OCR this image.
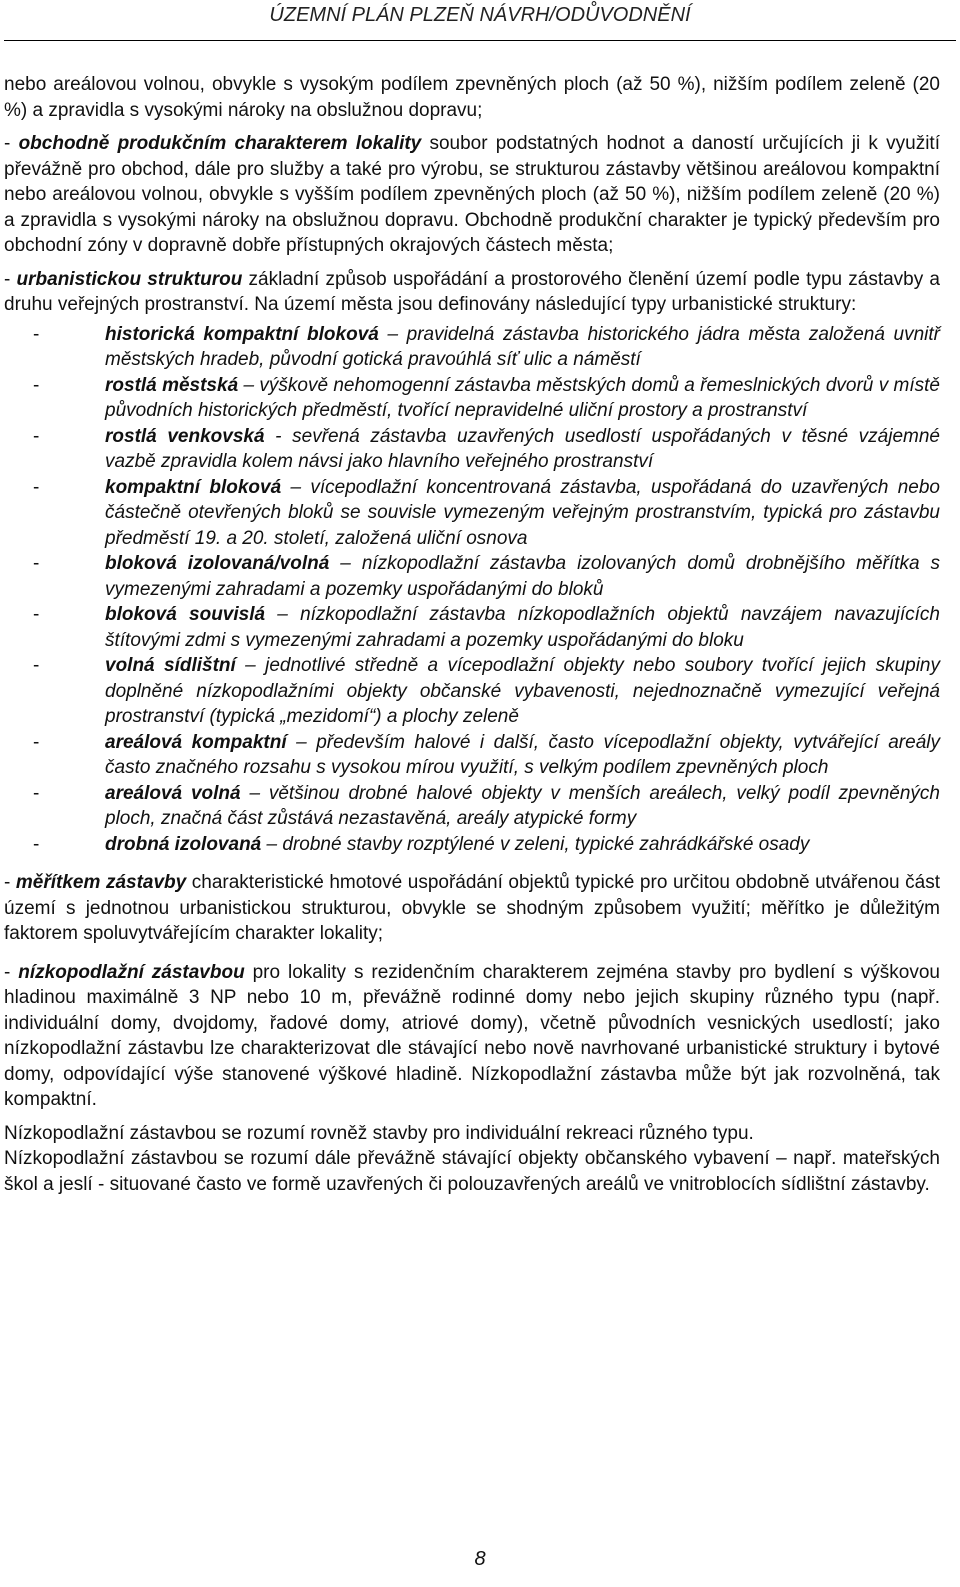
ÚZEMNÍ PLÁN PLZEŇ NÁVRH/ODŮVODNĚNÍ

nebo areálovou volnou, obvykle s vysokým podílem zpevněných ploch (až 50 %), nižším podílem zeleně (20 %) a zpravidla s vysokými nároky na obslužnou dopravu;

- obchodně produkčním charakterem lokality soubor podstatných hodnot a daností určujících ji k využití převážně pro obchod, dále pro služby a také pro výrobu, se strukturou zástavby většinou areálovou kompaktní nebo areálovou volnou, obvykle s vyšším podílem zpevněných ploch (až 50 %), nižším podílem zeleně (20 %) a zpravidla s vysokými nároky na obslužnou dopravu. Obchodně produkční charakter je typický především pro obchodní zóny v dopravně dobře přístupných okrajových částech města;

- urbanistickou strukturou základní způsob uspořádání a prostorového členění území podle typu zástavby a druhu veřejných prostranství. Na území města jsou definovány následující typy urbanistické struktury:

-	historická kompaktní bloková – pravidelná zástavba historického jádra města založená uvnitř městských hradeb, původní gotická pravoúhlá síť ulic a náměstí

-	rostlá městská – výškově nehomogenní zástavba městských domů a řemeslnických dvorů v místě původních historických předměstí, tvořící nepravidelné uliční prostory a prostranství

-	rostlá venkovská - sevřená zástavba uzavřených usedlostí uspořádaných v těsné vzájemné vazbě zpravidla kolem návsi jako hlavního veřejného prostranství

-	kompaktní bloková – vícepodlažní koncentrovaná zástavba, uspořádaná do uzavřených nebo částečně otevřených bloků se souvisle vymezeným veřejným prostranstvím, typická pro zástavbu předměstí 19. a 20. století, založená uliční osnova

-	bloková izolovaná/volná – nízkopodlažní zástavba izolovaných domů drobnějšího měřítka s vymezenými zahradami a pozemky uspořádanými do bloků

-	bloková souvislá – nízkopodlažní zástavba nízkopodlažních objektů navzájem navazujících štítovými zdmi s vymezenými zahradami a pozemky uspořádanými do bloku

-	volná sídlištní – jednotlivé středně a vícepodlažní objekty nebo soubory tvořící jejich skupiny doplněné nízkopodlažními objekty občanské vybavenosti, nejednoznačně vymezující veřejná prostranství (typická „mezidomí“) a plochy zeleně

-	areálová kompaktní – především halové i další, často vícepodlažní objekty, vytvářející areály často značného rozsahu s vysokou mírou využití, s velkým podílem zpevněných ploch

-	areálová volná – většinou drobné halové objekty v menších areálech, velký podíl zpevněných ploch, značná část zůstává nezastavěná, areály atypické formy

-	drobná izolovaná – drobné stavby rozptýlené v zeleni, typické zahrádkářské osady

- měřítkem zástavby charakteristické hmotové uspořádání objektů typické pro určitou obdobně utvářenou část území s jednotnou urbanistickou strukturou, obvykle se shodným způsobem využití; měřítko je důležitým faktorem spoluvytvářejícím charakter lokality;

- nízkopodlažní zástavbou pro lokality s rezidenčním charakterem zejména stavby pro bydlení s výškovou hladinou maximálně 3 NP nebo 10 m, převážně rodinné domy nebo jejich skupiny různého typu (např. individuální domy, dvojdomy, řadové domy, atriové domy), včetně původních vesnických usedlostí; jako nízkopodlažní zástavbu lze charakterizovat dle stávající nebo nově navrhované urbanistické struktury i bytové domy, odpovídající výše stanovené výškové hladině. Nízkopodlažní zástavba může být jak rozvolněná, tak kompaktní.

Nízkopodlažní zástavbou se rozumí rovněž stavby pro individuální rekreaci různého typu.

Nízkopodlažní zástavbou se rozumí dále převážně stávající objekty občanského vybavení – např. mateřských škol a jeslí - situované často ve formě uzavřených či polouzavřených areálů ve vnitroblocích sídlištní zástavby.

8
